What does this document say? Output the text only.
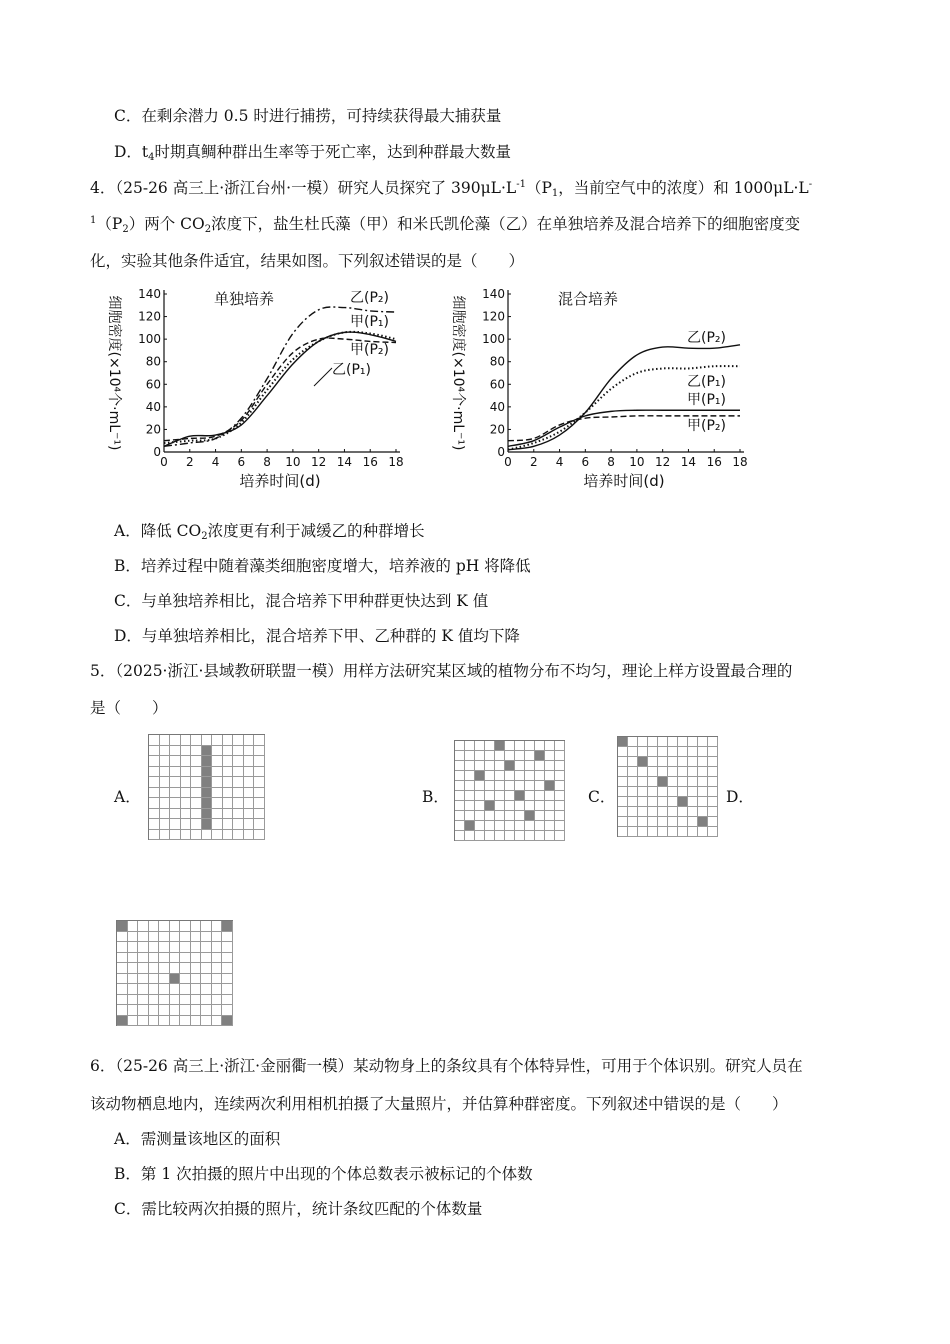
C．在剩余潜力 0.5 时进行捕捞，可持续获得最大捕获量
D．$t_4$时期真鲷种群出生率等于死亡率，达到种群最大数量
4．（25-26 高三上·浙江台州·一模）研究人员探究了 $390\mu L\cdot L^{-1}(P_1$，当前空气中的浓度）和 1000μL·L-
$^1(P_2)$两个 $CO_2$浓度下，盐生杜氏藻（甲）和米氏凯伦藻（乙）在单独培养及混合培养下的细胞密度变
化，实验其他条件适宜，结果如图。下列叙述错误的是（　　）
0
20
40
60
80
100
120
140
0 2 4 6 8 10 12 14 16 18
单独培养
培养时间(d)
细胞密度(×10⁴个·mL⁻¹)	乙(P₂)
甲(P₁)
甲(P₂)
乙(P₁)
0
20
40
60
80
100
120
140
0 2 4 6 8 10 12 14 16 18
混合培养
培养时间(d)
细胞密度(×10⁴个·mL⁻¹)	乙(P₂)
乙(P₁)
甲(P₁)
甲(P₂)
A．降低 $CO_2$浓度更有利于减缓乙的种群增长
B．培养过程中随着藻类细胞密度增大，培养液的 pH 将降低
C．与单独培养相比，混合培养下甲种群更快达到 K 值
D．与单独培养相比，混合培养下甲、乙种群的 K 值均下降
5．（2025·浙江·县域教研联盟一模）用样方法研究某区域的植物分布不均匀，理论上样方设置最合理的
是（　　）
A．	B．	C．	D．
6．（25-26 高三上·浙江·金丽衢一模）某动物身上的条纹具有个体特异性，可用于个体识别。研究人员在
该动物栖息地内，连续两次利用相机拍摄了大量照片，并估算种群密度。下列叙述中错误的是（　　）
A．需测量该地区的面积
B．第 1 次拍摄的照片中出现的个体总数表示被标记的个体数
C．需比较两次拍摄的照片，统计条纹匹配的个体数量
